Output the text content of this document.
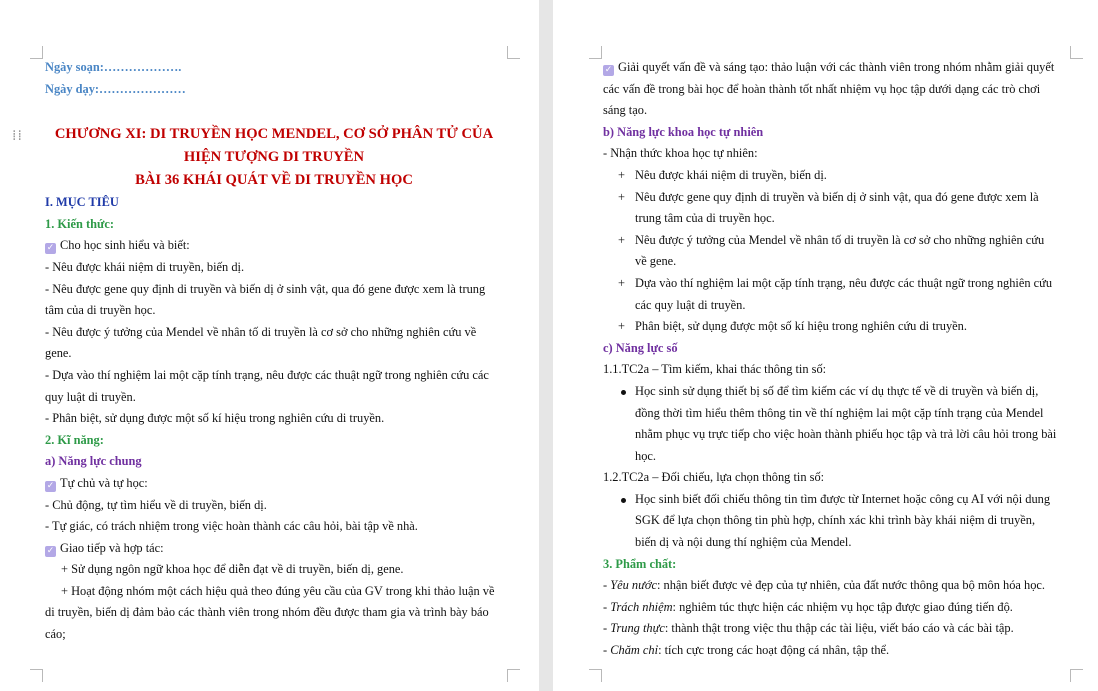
⁞⁞
Ngày soạn:……………….
Ngày dạy:…………………
CHƯƠNG XI: DI TRUYỀN HỌC MENDEL, CƠ SỞ PHÂN TỬ CỦA
HIỆN TƯỢNG DI TRUYỀN
BÀI 36 KHÁI QUÁT VỀ DI TRUYỀN HỌC
I. MỤC TIÊU
1. Kiến thức:
✓ Cho học sinh hiểu và biết:
- Nêu được khái niệm di truyền, biến dị.
- Nêu được gene quy định di truyền và biến dị ở sinh vật, qua đó gene được xem là trung
tâm của di truyền học.
- Nêu được ý tưởng của Mendel về nhân tố di truyền là cơ sở cho những nghiên cứu về
gene.
- Dựa vào thí nghiệm lai một cặp tính trạng, nêu được các thuật ngữ trong nghiên cứu các
quy luật di truyền.
- Phân biệt, sử dụng được một số kí hiệu trong nghiên cứu di truyền.
2. Kĩ năng:
a) Năng lực chung
✓ Tự chủ và tự học:
- Chủ động, tự tìm hiểu về di truyền, biến dị.
- Tự giác, có trách nhiệm trong việc hoàn thành các câu hỏi, bài tập về nhà.
✓ Giao tiếp và hợp tác:
+ Sử dụng ngôn ngữ khoa học để diễn đạt về di truyền, biến dị, gene.
+ Hoạt động nhóm một cách hiệu quả theo đúng yêu cầu của GV trong khi thảo luận về
di truyền, biến dị đảm bảo các thành viên trong nhóm đều được tham gia và trình bày báo
cáo;
✓ Giải quyết vấn đề và sáng tạo: thảo luận với các thành viên trong nhóm nhằm giải quyết
các vấn đề trong bài học để hoàn thành tốt nhất nhiệm vụ học tập dưới dạng các trò chơi
sáng tạo.
b) Năng lực khoa học tự nhiên
- Nhận thức khoa học tự nhiên:
+ Nêu được khái niệm di truyền, biến dị.
+ Nêu được gene quy định di truyền và biến dị ở sinh vật, qua đó gene được xem là
trung tâm của di truyền học.
+ Nêu được ý tưởng của Mendel về nhân tố di truyền là cơ sở cho những nghiên cứu
về gene.
+ Dựa vào thí nghiệm lai một cặp tính trạng, nêu được các thuật ngữ trong nghiên cứu
các quy luật di truyền.
+ Phân biệt, sử dụng được một số kí hiệu trong nghiên cứu di truyền.
c) Năng lực số
1.1.TC2a – Tìm kiếm, khai thác thông tin số:
Học sinh sử dụng thiết bị số để tìm kiếm các ví dụ thực tế về di truyền và biến dị,
đồng thời tìm hiểu thêm thông tin về thí nghiệm lai một cặp tính trạng của Mendel
nhằm phục vụ trực tiếp cho việc hoàn thành phiếu học tập và trả lời câu hỏi trong bài
học.
1.2.TC2a – Đối chiếu, lựa chọn thông tin số:
Học sinh biết đối chiếu thông tin tìm được từ Internet hoặc công cụ AI với nội dung
SGK để lựa chọn thông tin phù hợp, chính xác khi trình bày khái niệm di truyền,
biến dị và nội dung thí nghiệm của Mendel.
3. Phẩm chất:
- Yêu nước: nhận biết được vẻ đẹp của tự nhiên, của đất nước thông qua bộ môn hóa học.
- Trách nhiệm: nghiêm túc thực hiện các nhiệm vụ học tập được giao đúng tiến độ.
- Trung thực: thành thật trong việc thu thập các tài liệu, viết báo cáo và các bài tập.
- Chăm chỉ: tích cực trong các hoạt động cá nhân, tập thể.
